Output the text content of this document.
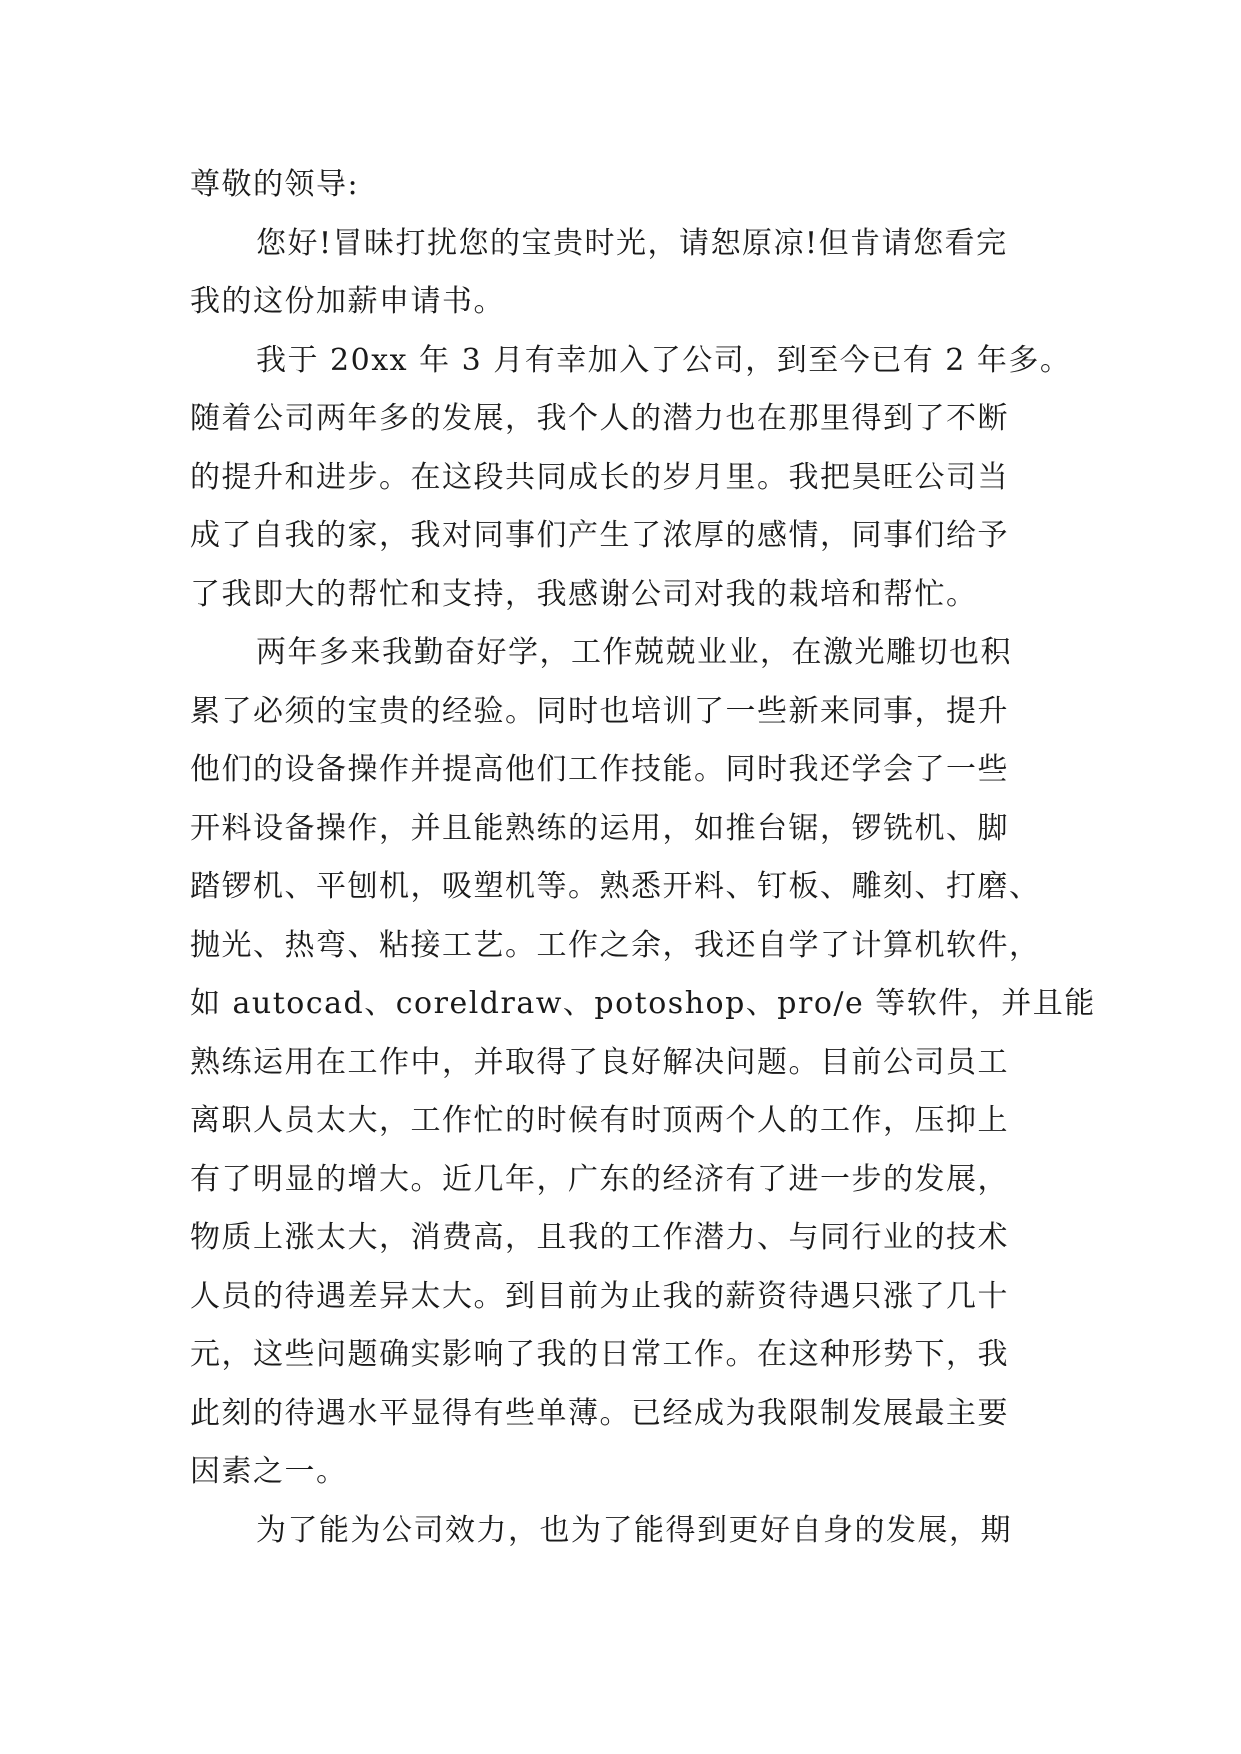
尊敬的领导:
您好!冒昧打扰您的宝贵时光，请恕原凉!但肯请您看完
我的这份加薪申请书。
我于 20xx 年 3 月有幸加入了公司，到至今已有 2 年多。
随着公司两年多的发展，我个人的潜力也在那里得到了不断
的提升和进步。在这段共同成长的岁月里。我把昊旺公司当
成了自我的家，我对同事们产生了浓厚的感情，同事们给予
了我即大的帮忙和支持，我感谢公司对我的栽培和帮忙。
两年多来我勤奋好学，工作兢兢业业，在激光雕切也积
累了必须的宝贵的经验。同时也培训了一些新来同事，提升
他们的设备操作并提高他们工作技能。同时我还学会了一些
开料设备操作，并且能熟练的运用，如推台锯，锣铣机、脚
踏锣机、平刨机，吸塑机等。熟悉开料、钉板、雕刻、打磨、
抛光、热弯、粘接工艺。工作之余，我还自学了计算机软件，
如 autocad、coreldraw、potoshop、pro/e 等软件，并且能
熟练运用在工作中，并取得了良好解决问题。目前公司员工
离职人员太大，工作忙的时候有时顶两个人的工作，压抑上
有了明显的增大。近几年，广东的经济有了进一步的发展，
物质上涨太大，消费高，且我的工作潜力、与同行业的技术
人员的待遇差异太大。到目前为止我的薪资待遇只涨了几十
元，这些问题确实影响了我的日常工作。在这种形势下，我
此刻的待遇水平显得有些单薄。已经成为我限制发展最主要
因素之一。
为了能为公司效力，也为了能得到更好自身的发展，期
